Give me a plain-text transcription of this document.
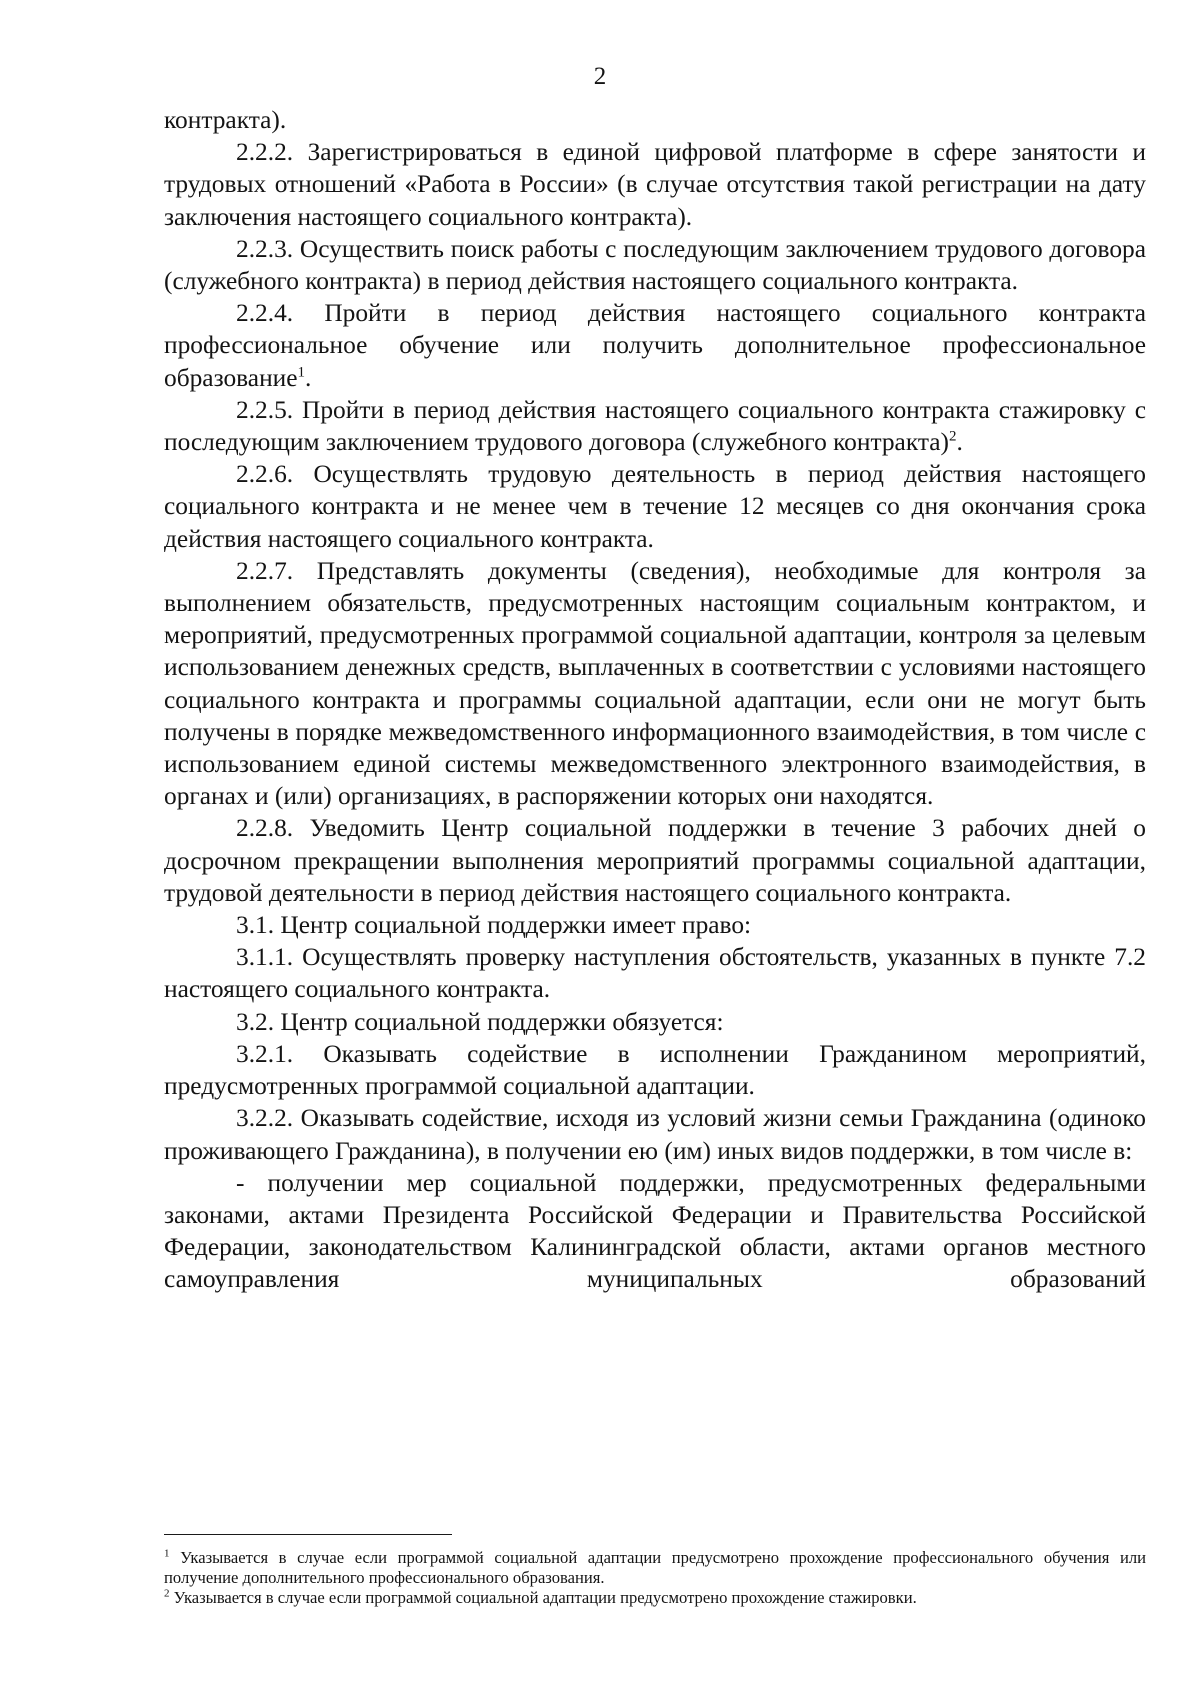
2

контракта).

2.2.2. Зарегистрироваться в единой цифровой платформе в сфере занятости и трудовых отношений «Работа в России» (в случае отсутствия такой регистрации на дату заключения настоящего социального контракта).

2.2.3. Осуществить поиск работы с последующим заключением трудового договора (служебного контракта) в период действия настоящего социального контракта.

2.2.4. Пройти в период действия настоящего социального контракта профессиональное обучение или получить дополнительное профессиональное образование$^1$.

2.2.5. Пройти в период действия настоящего социального контракта стажировку с последующим заключением трудового договора (служебного контракта)$^2$.

2.2.6. Осуществлять трудовую деятельность в период действия настоящего социального контракта и не менее чем в течение 12 месяцев со дня окончания срока действия настоящего социального контракта.

2.2.7. Представлять документы (сведения), необходимые для контроля за выполнением обязательств, предусмотренных настоящим социальным контрактом, и мероприятий, предусмотренных программой социальной адаптации, контроля за целевым использованием денежных средств, выплаченных в соответствии с условиями настоящего социального контракта и программы социальной адаптации, если они не могут быть получены в порядке межведомственного информационного взаимодействия, в том числе с использованием единой системы межведомственного электронного взаимодействия, в органах и (или) организациях, в распоряжении которых они находятся.

2.2.8. Уведомить Центр социальной поддержки в течение 3 рабочих дней о досрочном прекращении выполнения мероприятий программы социальной адаптации, трудовой деятельности в период действия настоящего социального контракта.

3.1. Центр социальной поддержки имеет право:

3.1.1. Осуществлять проверку наступления обстоятельств, указанных в пункте 7.2 настоящего социального контракта.

3.2. Центр социальной поддержки обязуется:

3.2.1. Оказывать содействие в исполнении Гражданином мероприятий, предусмотренных программой социальной адаптации.

3.2.2. Оказывать содействие, исходя из условий жизни семьи Гражданина (одиноко проживающего Гражданина), в получении ею (им) иных видов поддержки, в том числе в:

- получении мер социальной поддержки, предусмотренных федеральными законами, актами Президента Российской Федерации и Правительства Российской Федерации, законодательством Калининградской области, актами органов местного самоуправления муниципальных образований

$^1$ Указывается в случае если программой социальной адаптации предусмотрено прохождение профессионального обучения или получение дополнительного профессионального образования.

$^2$ Указывается в случае если программой социальной адаптации предусмотрено прохождение стажировки.
